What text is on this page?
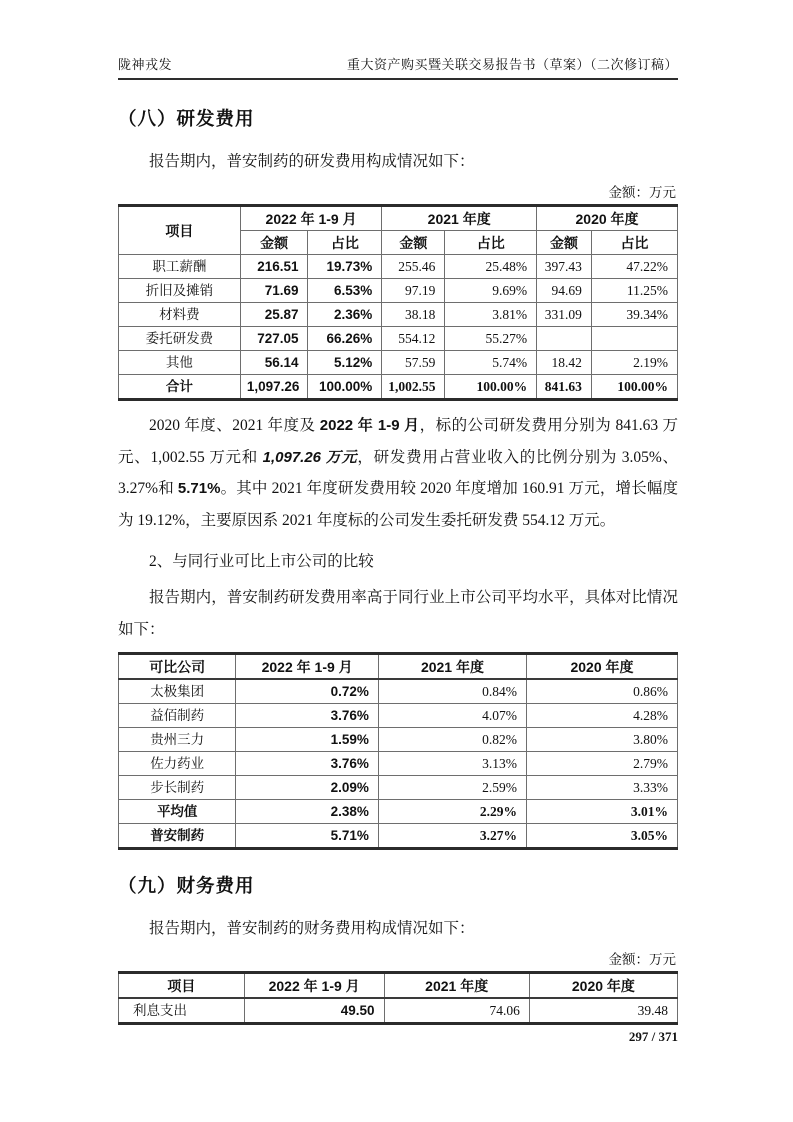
陇神戎发	重大资产购买暨关联交易报告书（草案）（二次修订稿）
（八）研发费用

报告期内，普安制药的研发费用构成情况如下：

金额：万元
项目	2022 年 1-9 月		2021 年度		2020 年度	
	金额	占比	金额	占比	金额	占比
职工薪酬	216.51	19.73%	255.46	25.48%	397.43	47.22%
折旧及摊销	71.69	6.53%	97.19	9.69%	94.69	11.25%
材料费	25.87	2.36%	38.18	3.81%	331.09	39.34%
委托研发费	727.05	66.26%	554.12	55.27%		
其他	56.14	5.12%	57.59	5.74%	18.42	2.19%
合计	1,097.26	100.00%	1,002.55	100.00%	841.63	100.00%

2020 年度、2021 年度及 2022 年 1-9 月，标的公司研发费用分别为 841.63 万元、1,002.55 万元和 1,097.26 万元，研发费用占营业收入的比例分别为 3.05%、3.27%和 5.71%。其中 2021 年度研发费用较 2020 年度增加 160.91 万元，增长幅度为 19.12%，主要原因系 2021 年度标的公司发生委托研发费 554.12 万元。

2、与同行业可比上市公司的比较

报告期内，普安制药研发费用率高于同行业上市公司平均水平，具体对比情况如下：

可比公司	2022 年 1-9 月	2021 年度	2020 年度
太极集团	0.72%	0.84%	0.86%
益佰制药	3.76%	4.07%	4.28%
贵州三力	1.59%	0.82%	3.80%
佐力药业	3.76%	3.13%	2.79%
步长制药	2.09%	2.59%	3.33%
平均值	2.38%	2.29%	3.01%
普安制药	5.71%	3.27%	3.05%
（九）财务费用

报告期内，普安制药的财务费用构成情况如下：

金额：万元
项目	2022 年 1-9 月	2021 年度	2020 年度
利息支出	49.50	74.06	39.48
297 / 371
